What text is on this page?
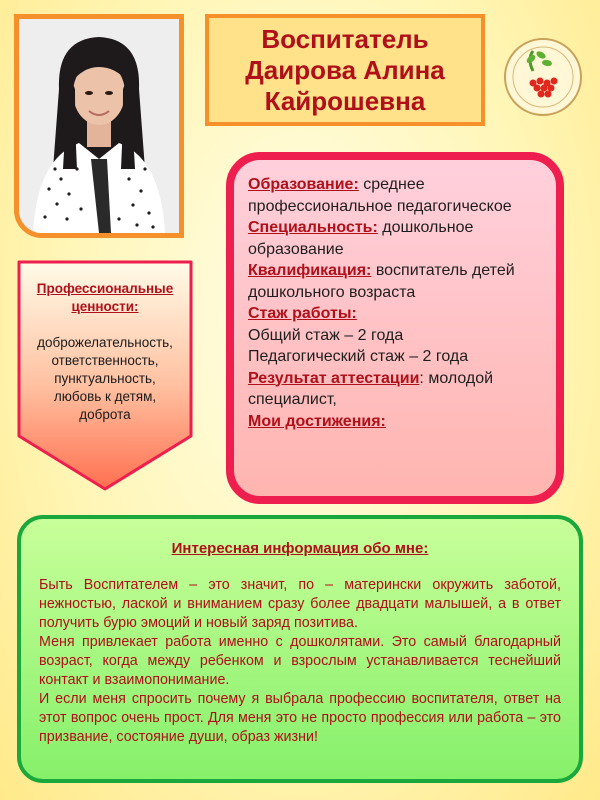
Воспитатель
Даирова Алина
Кайрошевна
Профессиональные ценности:
доброжелательность,
ответственность,
пунктуальность,
любовь к детям,
доброта

Образование: среднее профессиональное педагогическое

Специальность: дошкольное образование

Квалификация: воспитатель детей дошкольного возраста

Стаж работы:

Общий стаж – 2 года

Педагогический стаж – 2 года

Результат аттестации: молодой специалист,

Мои достижения:

Интересная информация обо мне:

Быть Воспитателем – это значит, по – матерински окружить заботой, нежностью, лаской и вниманием сразу более двадцати малышей, а в ответ получить бурю эмоций и новый заряд позитива.

Меня привлекает работа именно с дошколятами. Это самый благодарный возраст, когда между ребенком и взрослым устанавливается теснейший контакт и взаимопонимание.

И если меня спросить почему я выбрала профессию воспитателя, ответ на этот вопрос очень прост. Для меня это не просто профессия или работа – это призвание, состояние души, образ жизни!
